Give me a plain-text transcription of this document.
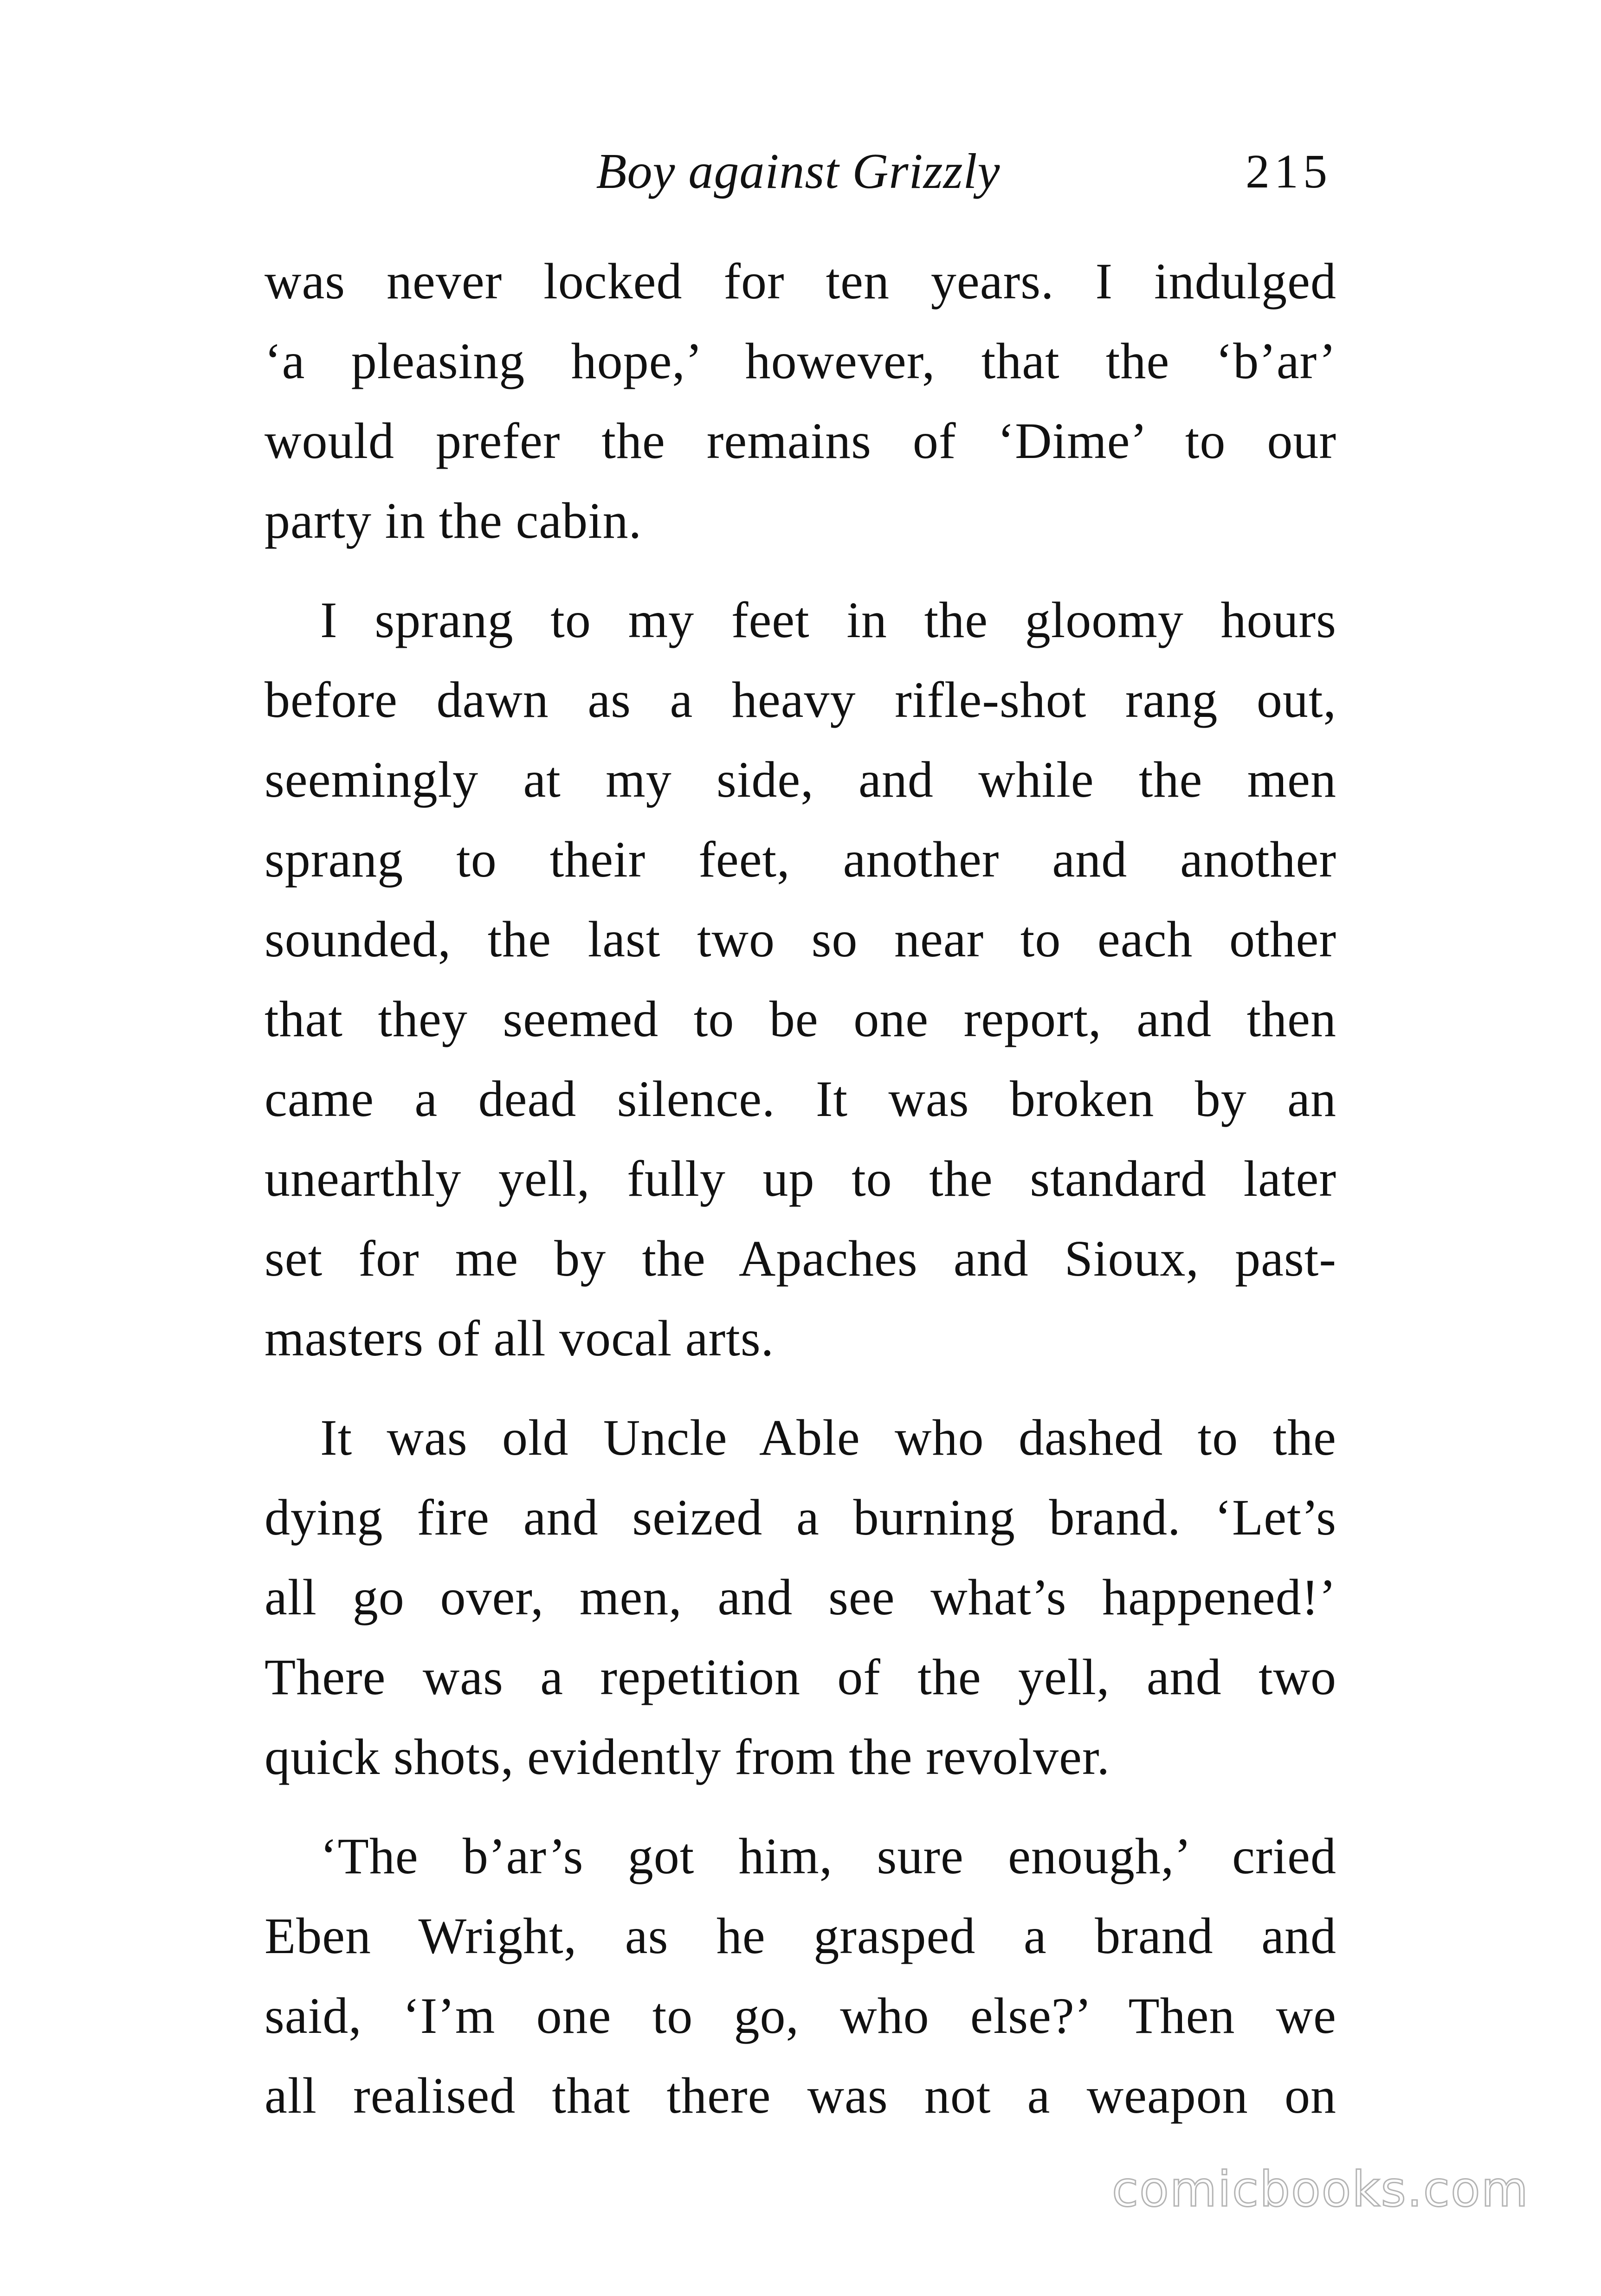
Boy against Grizzly	215
was never locked for ten years. I indulged
‘a pleasing hope,’ however, that the ‘b’ar’
would prefer the remains of ‘Dime’ to our
party in the cabin.
I sprang to my feet in the gloomy hours
before dawn as a heavy rifle-shot rang out,
seemingly at my side, and while the men
sprang to their feet, another and another
sounded, the last two so near to each other
that they seemed to be one report, and then
came a dead silence. It was broken by an
unearthly yell, fully up to the standard later
set for me by the Apaches and Sioux, past-
masters of all vocal arts.
It was old Uncle Able who dashed to the
dying fire and seized a burning brand. ‘Let’s
all go over, men, and see what’s happened!’
There was a repetition of the yell, and two
quick shots, evidently from the revolver.
‘The b’ar’s got him, sure enough,’ cried
Eben Wright, as he grasped a brand and
said, ‘I’m one to go, who else?’ Then we
all realised that there was not a weapon on
comicbooks.com
